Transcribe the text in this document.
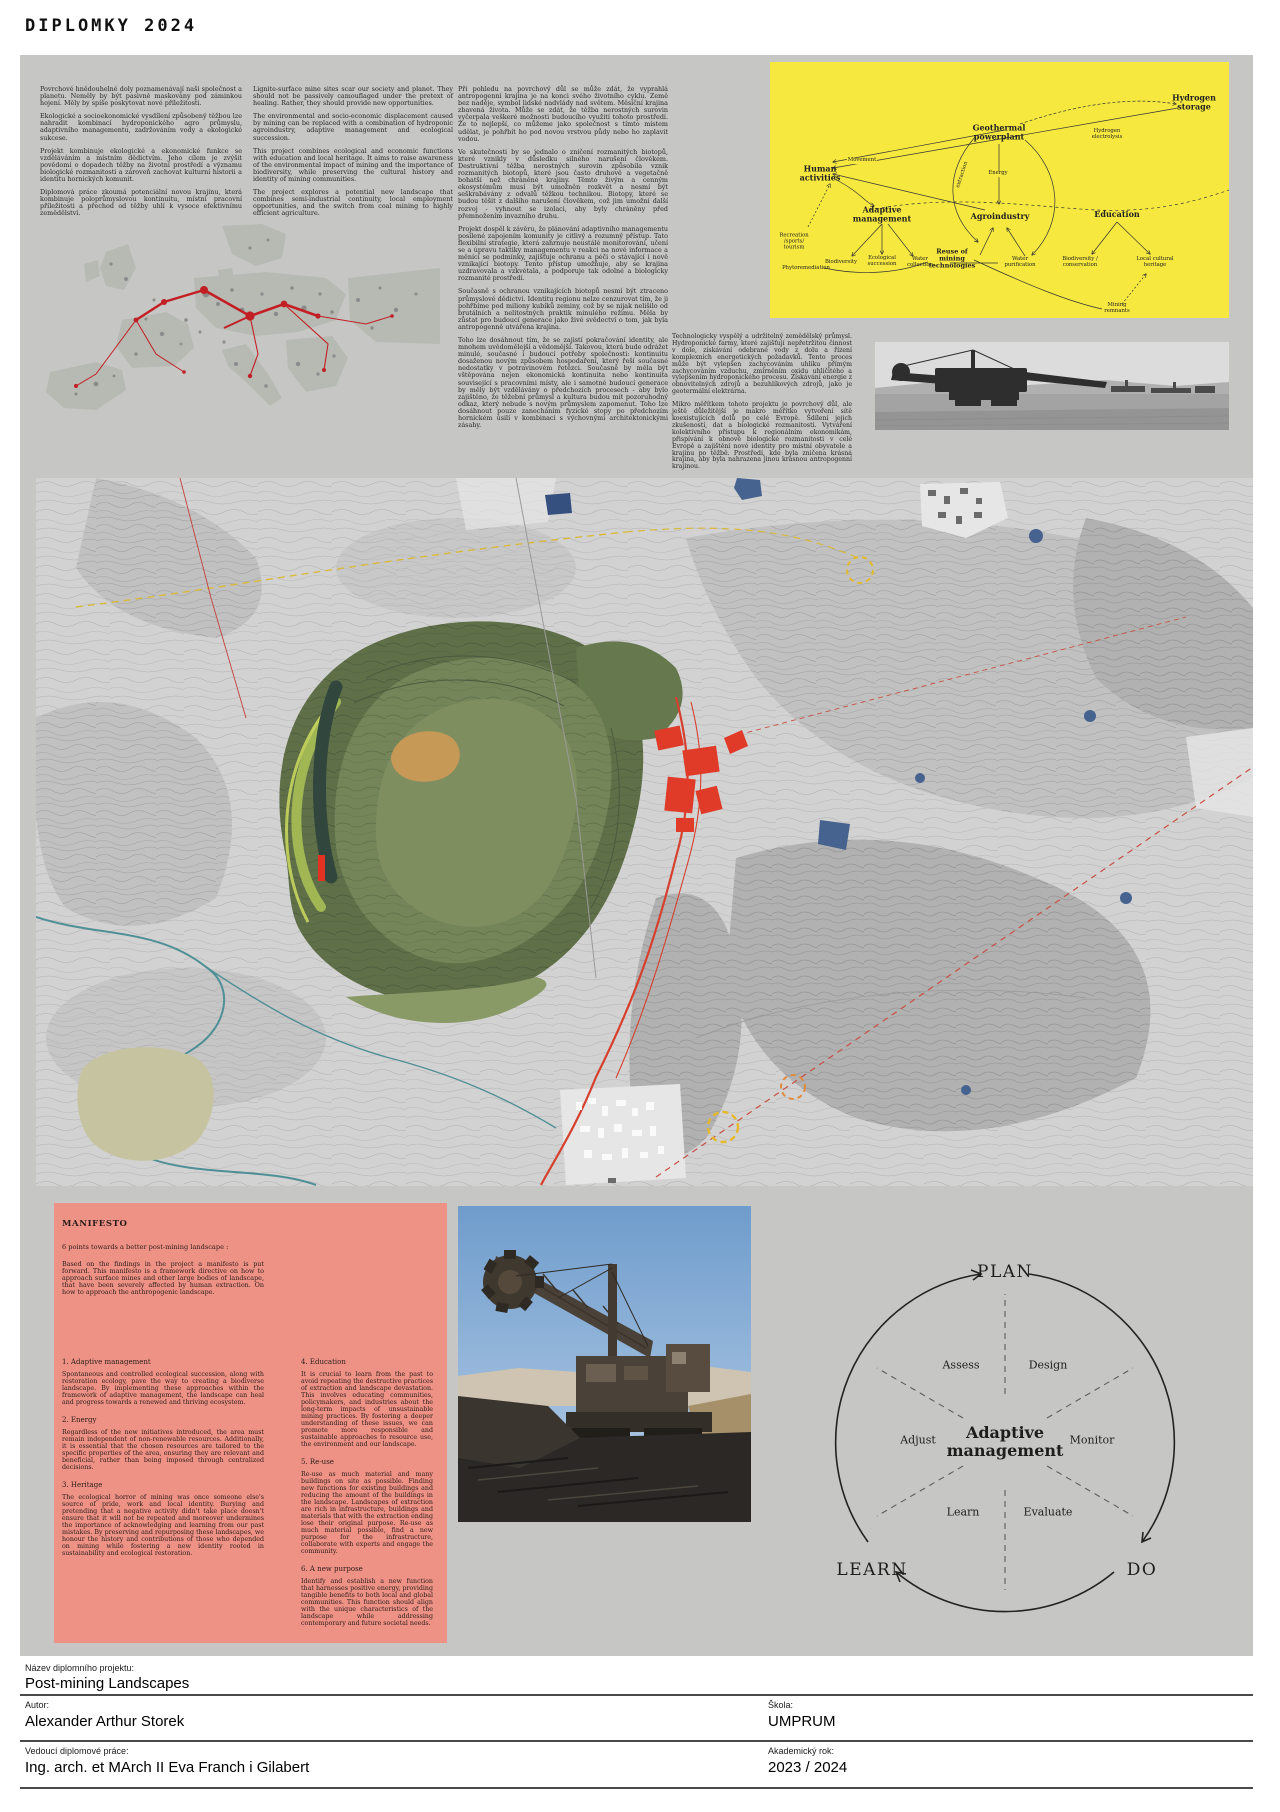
DIPLOMKY 2024

Povrchové hnědouhelné doly poznamenávají naši společnost a planetu. Neměly by být pasivně maskovány pod záminkou hojení. Měly by spíše poskytovat nové příležitosti.

Ekologické a socioekonomické vysdílení způsobený těžbou lze nahradit kombinací hydroponického agro průmyslu, adaptivního managementu, zadržováním vody a ekologické sukcese.

Projekt kombinuje ekologické a ekonomické funkce se vzděláváním a místním dědictvím. Jeho cílem je zvýšit povědomí o dopadech těžby na životní prostředí a významu biologické rozmanitosti a zároveň zachovat kulturní historii a identitu hornických komunit.

Diplomová práce zkoumá potenciální novou krajinu, která kombinuje poloprůmyslovou kontinuitu, místní pracovní příležitosti a přechod od těžby uhlí k vysoce efektivnímu zemědělství.

Lignite-surface mine sites scar our society and planet. They should not be passively camouflaged under the pretext of healing. Rather, they should provide new opportunities.

The environmental and socio-economic displacement caused by mining can be replaced with a combination of hydroponic agroindustry, adaptive management and ecological succession.

This project combines ecological and economic functions with education and local heritage. It aims to raise awareness of the environmental impact of mining and the importance of biodiversity, while preserving the cultural history and identity of mining communities.

The project explores a potential new landscape that combines semi-industrial continuity, local employment opportunities, and the switch from coal mining to highly efficient agriculture.

Při pohledu na povrchový důl se může zdát, že vyprahlá antropogenní krajina je na konci svého životního cyklu. Země bez naděje, symbol lidské nadvlády nad světem. Měsíční krajina zbavená života. Může se zdát, že těžba nerostných surovin vyčerpala veškeré možnosti budoucího využití tohoto prostředí. Že to nejlepší, co můžeme jako společnost s tímto místem udělat, je pohřbít ho pod novou vrstvou půdy nebo ho zaplavit vodou.

Ve skutečnosti by se jednalo o zničení rozmanitých biotopů, které vznikly v důsledku silného narušení člověkem. Destruktivní těžba nerostných surovin způsobila vznik rozmanitých biotopů, které jsou často druhově a vegetačně bohatší než chráněné krajiny. Těmto živým a cenným ekosystémům musí být umožněn rozkvět a nesmí být seškrabávány z odvalů těžkou technikou. Biotopy, které se budou těšit z dalšího narušení člověkem, což jim umožní další rozvoj - vyhnout se izolaci, aby byly chráněny před přemnožením invazního druhu.

Projekt dospěl k závěru, že plánování adaptivního managementu posílené zapojením komunity je citlivý a rozumný přístup. Tato flexibilní strategie, která zahrnuje neustálé monitorování, učení se a úpravu taktiky managementu v reakci na nové informace a měnící se podmínky, zajišťuje ochranu a péči o stávající i nově vznikající biotopy. Tento přístup umožňuje, aby se krajina uzdravovala a vzkvétala, a podporuje tak odolné a biologicky rozmanité prostředí.

Současně s ochranou vznikajících biotopů nesmí být ztraceno průmyslové dědictví. Identitu regionu nelze cenzurovat tím, že ji pohřbíme pod miliony kubíků zeminy, což by se nijak nelišilo od brutálních a nelitostných praktik minulého režimu. Měla by zůstat pro budoucí generace jako živé svědectví o tom, jak byla antropogenně utvářena krajina.

Toho lze dosáhnout tím, že se zajistí pokračování identity, ale mnohem uvědomělejší a vědomější. Takovou, která bude odrážet minulé, současné i budoucí potřeby společnosti: kontinuitu dosaženou novým způsobem hospodaření, který řeší současné nedostatky v potravinovém řetězci. Současně by měla být vštěpována nejen ekonomická kontinuita nebo kontinuita související s pracovními místy, ale i samotné budoucí generace by měly být vzdělávány o předchozích procesech - aby bylo zajištěno, že těžební průmysl a kultura budou mít pozoruhodný odkaz, který nebude s novým průmyslem zapomenut. Toho lze dosáhnout pouze zanecháním fyzické stopy po předchozím hornickém úsilí v kombinaci s výchovnými architektonickými zásahy.

Technologicky vyspělý a udržitelný zemědělský průmysl. Hydroponické farmy, které zajišťují nepřetržitou činnost v dole, získávání odebrané vody z dolu a řízení komplexních energetických požadavků. Tento proces může být vylepšen zachycováním uhlíku přímým zachycováním vzduchu, zmírněním oxidu uhličitého a vylepšením hydroponického procesu. Získávání energie z obnovitelných zdrojů a bezuhlíkových zdrojů, jako je geotermální elektrárna.

Mikro měřítkem tohoto projektu je povrchový důl, ale ještě důležitější je makro měřítko vytvoření sítě koexistujících dolů po celé Evropě. Sdílení jejich zkušeností, dat a biologické rozmanitosti. Vytváření kolektivního přístupu k regionálním ekonomikám, přispívání k obnově biologické rozmanitosti v celé Evropě a zajištění nové identity pro místní obyvatele a krajinu po těžbě. Prostředí, kde byla zničena krásná krajina, aby byla nahrazena jinou krásnou antropogenní krajinou.

Human activities
Movement
Geothermal powerplant
Energy
Agroindustry
Adaptive management
extraction
Education
Hydrogen storage
Hydrogen electrolysis
Recreation /sports/ tourism
Biodiversity
Ecological succession
Water collection
Water purification
Reuse of mining technologies
Biodiversity / conservation
Local cultural heritage
Mining remnants
Phytoremediation
MANIFESTO
6 points towards a better post-mining landscape :
Based on the findings in the project a manifesto is put forward. This manifesto is a framework directive on how to approach surface mines and other large bodies of landscape, that have been severely affected by human extraction. On how to approach the anthropogenic landscape.
1. Adaptive management

Spontaneous and controlled ecological succession, along with restoration ecology, pave the way to creating a biodiverse landscape. By implementing these approaches within the framework of adaptive management, the landscape can heal and progress towards a renewed and thriving ecosystem.

2. Energy

Regardless of the new initiatives introduced, the area must remain independent of non-renewable resources. Additionally, it is essential that the chosen resources are tailored to the specific properties of the area, ensuring they are relevant and beneficial, rather than being imposed through centralized decisions.

3. Heritage

The ecological horror of mining was once someone else's source of pride, work and local identity. Burying and pretending that a negative activity didn't take place doesn't ensure that it will not be repeated and moreover undermines the importance of acknowledging and learning from our past mistakes. By preserving and repurposing these landscapes, we honour the history and contributions of those who depended on mining while fostering a new identity rooted in sustainability and ecological restoration.

4. Education

It is crucial to learn from the past to avoid repeating the destructive practices of extraction and landscape devastation. This involves educating communities, policymakers, and industries about the long-term impacts of unsustainable mining practices. By fostering a deeper understanding of these issues, we can promote more responsible and sustainable approaches to resource use, the environment and our landscape.

5. Re-use

Re-use as much material and many buildings on site as possible. Finding new functions for existing buildings and reducing the amount of the buildings in the landscape. Landscapes of extraction are rich in infrastructure, buildings and materials that with the extraction ending lose their original purpose. Re-use as much material possible, find a new purpose for the infrastructure, collaborate with experts and engage the community.

6. A new purpose

Identify and establish a new function that harnesses positive energy, providing tangible benefits to both local and global communities. This function should align with the unique characteristics of the landscape while addressing contemporary and future societal needs.

PLAN
LEARN	DO
Assess	Design
Monitor
Evaluate
Learn
Adjust	Adaptive
management
Název diplomního projektu:
Post-mining Landscapes
Autor:
Alexander Arthur Storek
Škola:
UMPRUM
Vedoucí diplomové práce:
Ing. arch. et MArch II Eva Franch i Gilabert
Akademický rok:
2023 / 2024
